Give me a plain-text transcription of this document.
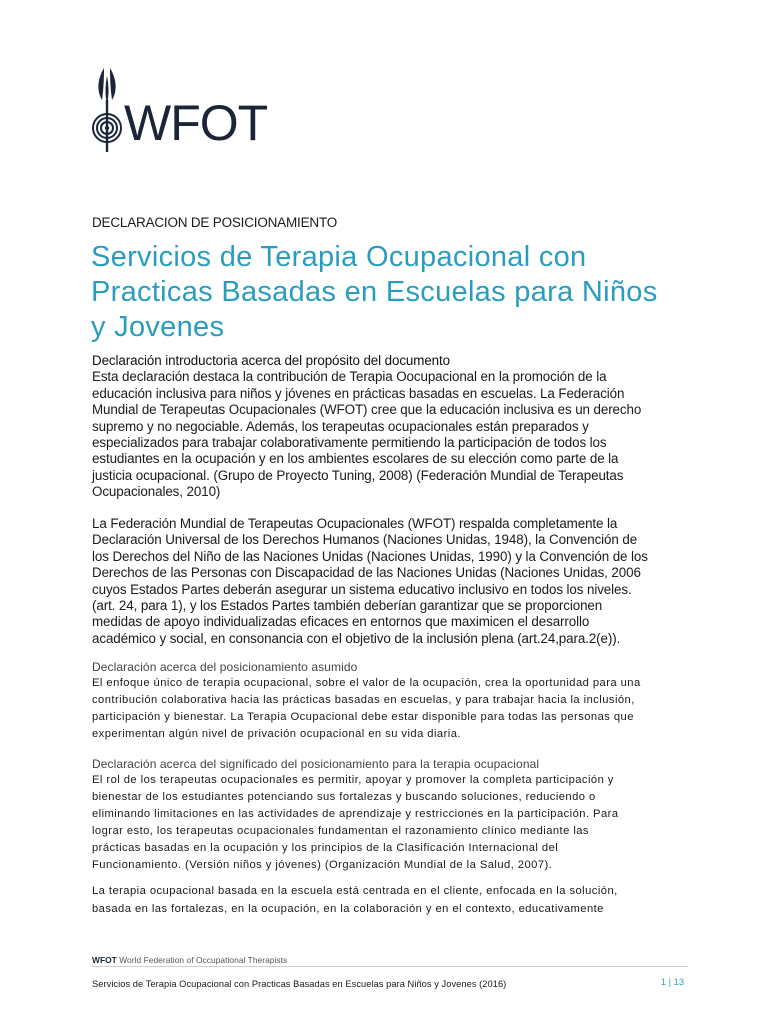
WFOT
DECLARACION DE POSICIONAMIENTO
Servicios de Terapia Ocupacional con
Practicas Basadas en Escuelas para Niños
y Jovenes

Declaración introductoria acerca del propósito del documento

Esta declaración destaca la contribución de Terapia Oocupacional en la promoción de la
educación inclusiva para niños y jóvenes en prácticas basadas en escuelas. La Federación
Mundial de Terapeutas Ocupacionales (WFOT) cree que la educación inclusiva es un derecho
supremo y no negociable. Además, los terapeutas ocupacionales están preparados y
especializados para trabajar colaborativamente permitiendo la participación de todos los
estudiantes en la ocupación y en los ambientes escolares de su elección como parte de la
justicia ocupacional. (Grupo de Proyecto Tuning, 2008) (Federación Mundial de Terapeutas
Ocupacionales, 2010)

La Federación Mundial de Terapeutas Ocupacionales (WFOT) respalda completamente la
Declaración Universal de los Derechos Humanos (Naciones Unidas, 1948), la Convención de
los Derechos del Niño de las Naciones Unidas (Naciones Unidas, 1990) y la Convención de los
Derechos de las Personas con Discapacidad de las Naciones Unidas (Naciones Unidas, 2006
cuyos Estados Partes deberán asegurar un sistema educativo inclusivo en todos los niveles.
(art. 24, para 1), y los Estados Partes también deberían garantizar que se proporcionen
medidas de apoyo individualizadas eficaces en entornos que maximicen el desarrollo
académico y social, en consonancia con el objetivo de la inclusión plena (art.24,para.2(e)).

Declaración acerca del posicionamiento asumido

El enfoque único de terapia ocupacional, sobre el valor de la ocupación, crea la oportunidad para una
contribución colaborativa hacia las prácticas basadas en escuelas, y para trabajar hacia la inclusión,
participación y bienestar. La Terapia Ocupacional debe estar disponible para todas las personas que
experimentan algún nivel de privación ocupacional en su vida diaria.

Declaración acerca del significado del posicionamiento para la terapia ocupacional

El rol de los terapeutas ocupacionales es permitir, apoyar y promover la completa participación y
bienestar de los estudiantes potenciando sus fortalezas y buscando soluciones, reduciendo o
eliminando limitaciones en las actividades de aprendizaje y restricciones en la participación. Para
lograr esto, los terapeutas ocupacionales fundamentan el razonamiento clínico mediante las
prácticas basadas en la ocupación y los principios de la Clasificación Internacional del
Funcionamiento. (Versión niños y jóvenes) (Organización Mundial de la Salud, 2007).

La terapia ocupacional basada en la escuela está centrada en el cliente, enfocada en la solución,
basada en las fortalezas, en la ocupación, en la colaboración y en el contexto, educativamente

WFOT World Federation of Occupational Therapists
Servicios de Terapia Ocupacional con Practicas Basadas en Escuelas para Niños y Jovenes (2016)	1 | 13
